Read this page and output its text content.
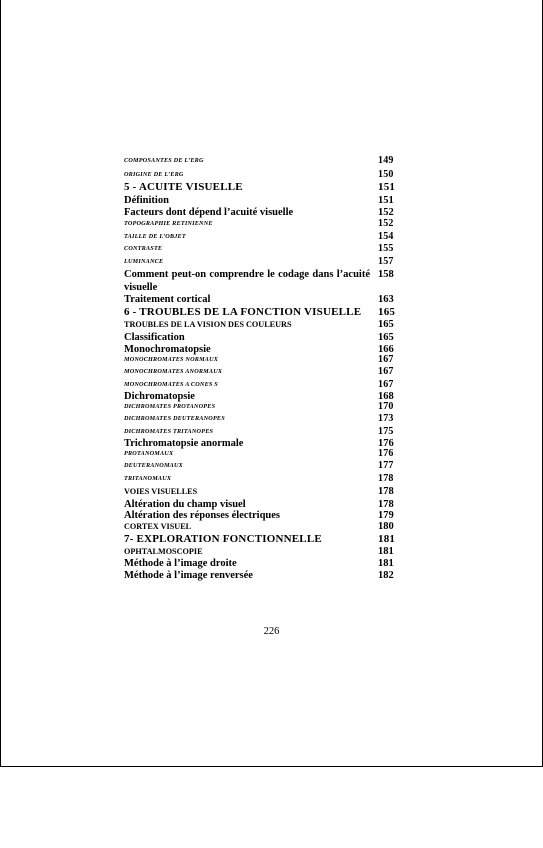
COMPOSANTES DE L’ERG	149
ORIGINE DE L’ERG	150
5 - ACUITE VISUELLE	151
Définition	151
Facteurs dont dépend l’acuité visuelle	152
TOPOGRAPHIE RETINIENNE	152
TAILLE DE L’OBJET	154
CONTRASTE	155
LUMINANCE	157
Comment peut-on comprendre le codage dans l’acuité visuelle
158
Traitement cortical	163
6 - TROUBLES DE LA FONCTION VISUELLE	165
TROUBLES DE LA VISION DES COULEURS	165
Classification	165
Monochromatopsie	166
MONOCHROMATES NORMAUX	167
MONOCHROMATES ANORMAUX	167
MONOCHROMATES A CONES S	167
Dichromatopsie	168
DICHROMATES PROTANOPES	170
DICHROMATES DEUTERANOPES	173
DICHROMATES TRITANOPES	175
Trichromatopsie anormale	176
PROTANOMAUX	176
DEUTERANOMAUX	177
TRITANOMAUX	178
VOIES VISUELLES	178
Altération du champ visuel	178
Altération des réponses électriques	179
CORTEX VISUEL	180
7- EXPLORATION FONCTIONNELLE	181
OPHTALMOSCOPIE	181
Méthode à l’image droite	181
Méthode à l’image renversée	182
226
